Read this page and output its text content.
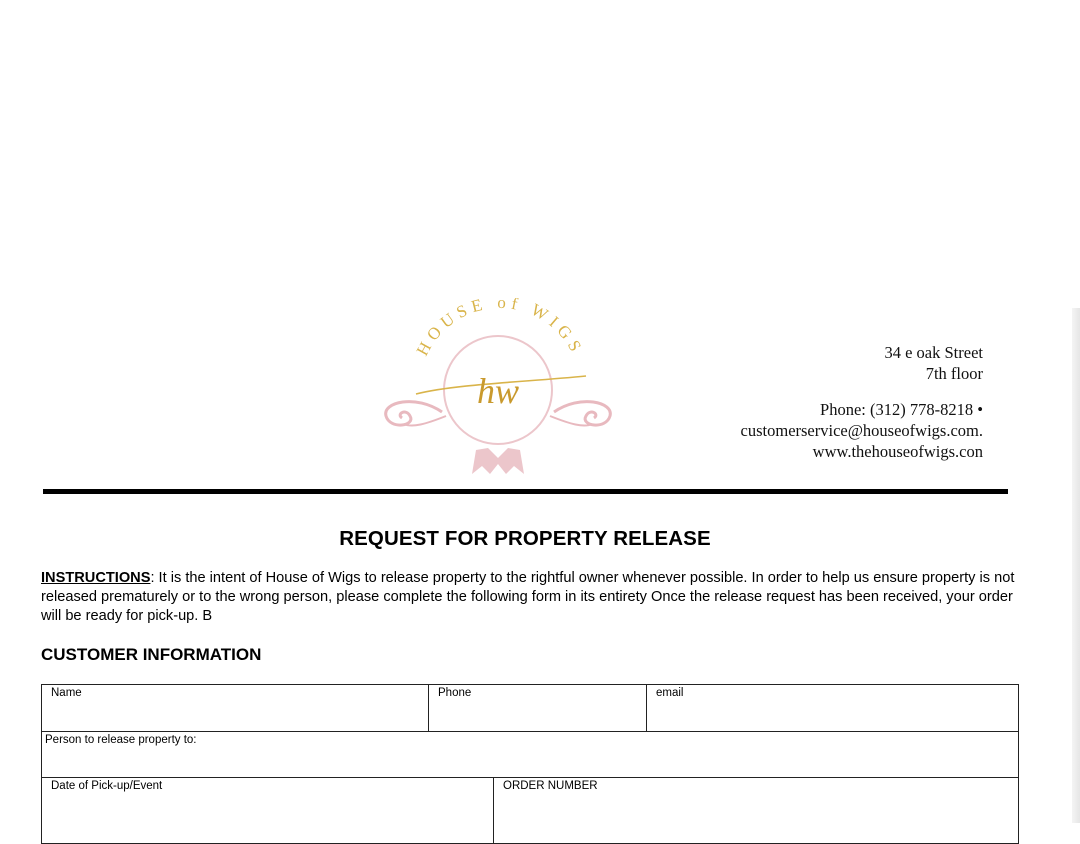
HOUSE of WIGS
hw
34 e oak Street
7th floor
Phone: (312) 778-8218 •
customerservice@houseofwigs.com.
www.thehouseofwigs.con
REQUEST FOR PROPERTY RELEASE
INSTRUCTIONS: It is the intent of House of Wigs to release property to the rightful owner whenever possible. In order to help us ensure property is not released prematurely or to the wrong person, please complete the following form in its entirety Once the release request has been received, your order will be ready for pick-up. B
CUSTOMER INFORMATION
Name	Phone	email
Person to release property to:
Date of Pick-up/Event	ORDER NUMBER
